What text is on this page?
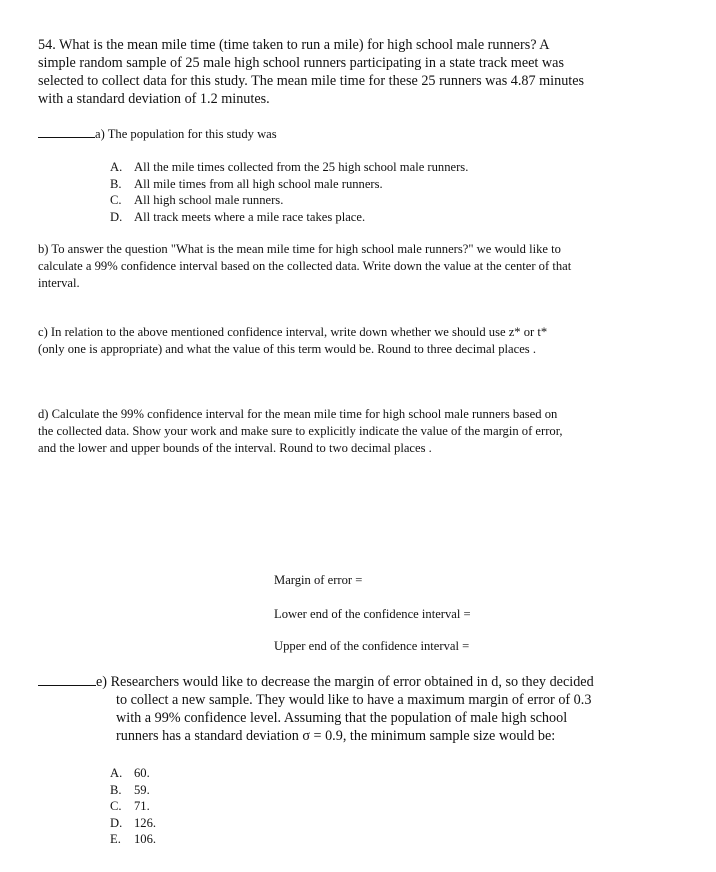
54. What is the mean mile time (time taken to run a mile) for high school male runners? A
simple random sample of 25 male high school runners participating in a state track meet was
selected to collect data for this study. The mean mile time for these 25 runners was 4.87 minutes
with a standard deviation of 1.2 minutes.
a) The population for this study was
A. All the mile times collected from the 25 high school male runners.
B. All mile times from all high school male runners.
C. All high school male runners.
D. All track meets where a mile race takes place.
b) To answer the question "What is the mean mile time for high school male runners?" we would like to
calculate a 99% confidence interval based on the collected data. Write down the value at the center of that
interval.
c) In relation to the above mentioned confidence interval, write down whether we should use z* or t*
(only one is appropriate) and what the value of this term would be. Round to three decimal places .
d) Calculate the 99% confidence interval for the mean mile time for high school male runners based on
the collected data. Show your work and make sure to explicitly indicate the value of the margin of error,
and the lower and upper bounds of the interval. Round to two decimal places .
Margin of error =
Lower end of the confidence interval =
Upper end of the confidence interval =
e) Researchers would like to decrease the margin of error obtained in d, so they decided
to collect a new sample. They would like to have a maximum margin of error of 0.3
with a 99% confidence level. Assuming that the population of male high school
runners has a standard deviation σ = 0.9, the minimum sample size would be:
A. 60.
B. 59.
C. 71.
D. 126.
E. 106.
